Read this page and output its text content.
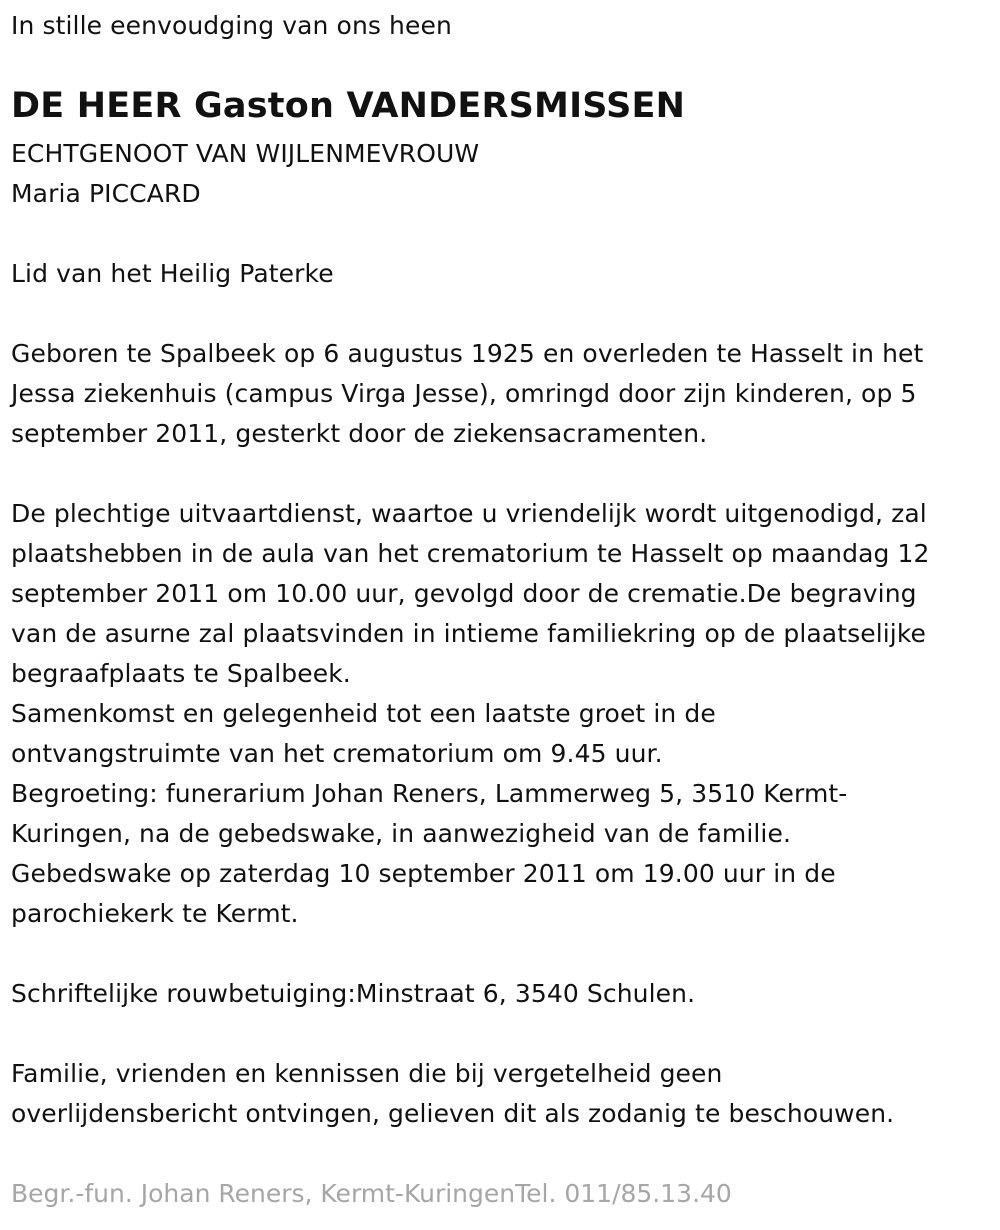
In stille eenvoudging van ons heen

DE HEER Gaston VANDERSMISSEN

ECHTGENOOT VAN WIJLENMEVROUW

Maria PICCARD

Lid van het Heilig Paterke

Geboren te Spalbeek op 6 augustus 1925 en overleden te Hasselt in het

Jessa ziekenhuis (campus Virga Jesse), omringd door zijn kinderen, op 5

september 2011, gesterkt door de ziekensacramenten.

De plechtige uitvaartdienst, waartoe u vriendelijk wordt uitgenodigd, zal

plaatshebben in de aula van het crematorium te Hasselt op maandag 12

september 2011 om 10.00 uur, gevolgd door de crematie.De begraving

van de asurne zal plaatsvinden in intieme familiekring op de plaatselijke

begraafplaats te Spalbeek.

Samenkomst en gelegenheid tot een laatste groet in de

ontvangstruimte van het crematorium om 9.45 uur.

Begroeting: funerarium Johan Reners, Lammerweg 5, 3510 Kermt-

Kuringen, na de gebedswake, in aanwezigheid van de familie.

Gebedswake op zaterdag 10 september 2011 om 19.00 uur in de

parochiekerk te Kermt.

Schriftelijke rouwbetuiging:Minstraat 6, 3540 Schulen.

Familie, vrienden en kennissen die bij vergetelheid geen

overlijdensbericht ontvingen, gelieven dit als zodanig te beschouwen.

Begr.-fun. Johan Reners, Kermt-KuringenTel. 011/85.13.40
